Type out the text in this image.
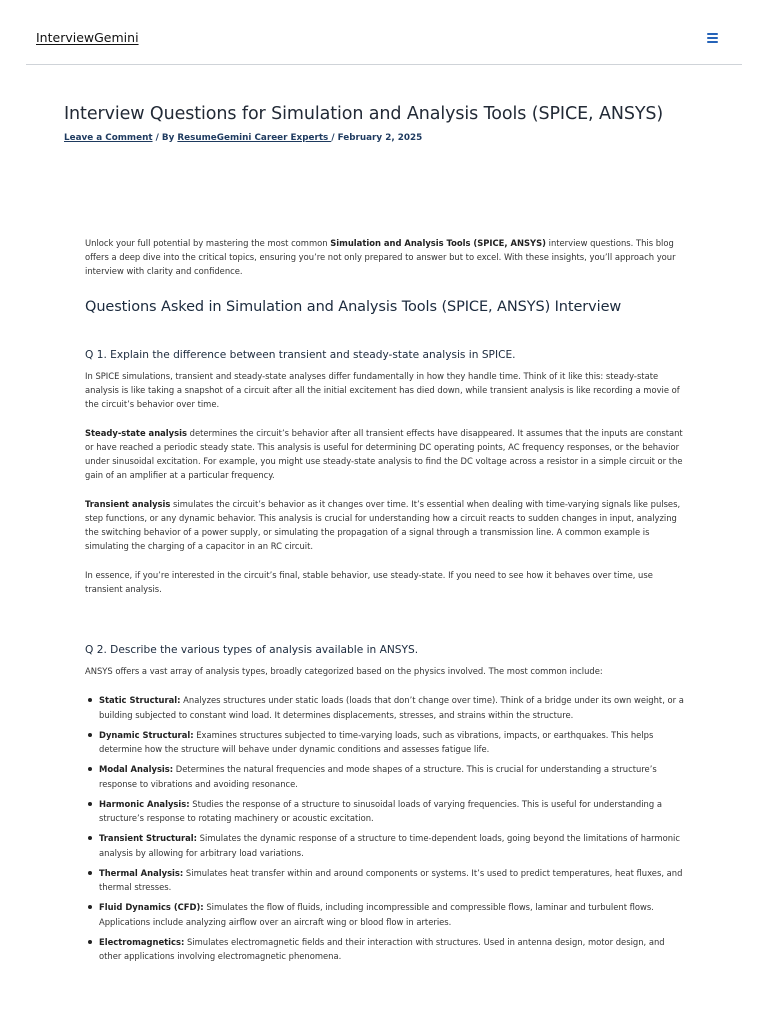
InterviewGemini
Interview Questions for Simulation and Analysis Tools (SPICE, ANSYS)
Leave a Comment / By ResumeGemini Career Experts / February 2, 2025

Unlock your full potential by mastering the most common Simulation and Analysis Tools (SPICE, ANSYS) interview questions. This blog offers a deep dive into the critical topics, ensuring you’re not only prepared to answer but to excel. With these insights, you’ll approach your interview with clarity and confidence.

Questions Asked in Simulation and Analysis Tools (SPICE, ANSYS) Interview
Q 1. Explain the difference between transient and steady-state analysis in SPICE.

In SPICE simulations, transient and steady-state analyses differ fundamentally in how they handle time. Think of it like this: steady-state analysis is like taking a snapshot of a circuit after all the initial excitement has died down, while transient analysis is like recording a movie of the circuit’s behavior over time.

Steady-state analysis determines the circuit’s behavior after all transient effects have disappeared. It assumes that the inputs are constant or have reached a periodic steady state. This analysis is useful for determining DC operating points, AC frequency responses, or the behavior under sinusoidal excitation. For example, you might use steady-state analysis to find the DC voltage across a resistor in a simple circuit or the gain of an amplifier at a particular frequency.

Transient analysis simulates the circuit’s behavior as it changes over time. It’s essential when dealing with time-varying signals like pulses, step functions, or any dynamic behavior. This analysis is crucial for understanding how a circuit reacts to sudden changes in input, analyzing the switching behavior of a power supply, or simulating the propagation of a signal through a transmission line. A common example is simulating the charging of a capacitor in an RC circuit.

In essence, if you’re interested in the circuit’s final, stable behavior, use steady-state. If you need to see how it behaves over time, use transient analysis.

Q 2. Describe the various types of analysis available in ANSYS.

ANSYS offers a vast array of analysis types, broadly categorized based on the physics involved. The most common include:

Static Structural: Analyzes structures under static loads (loads that don’t change over time). Think of a bridge under its own weight, or a building subjected to constant wind load. It determines displacements, stresses, and strains within the structure.
Dynamic Structural: Examines structures subjected to time-varying loads, such as vibrations, impacts, or earthquakes. This helps determine how the structure will behave under dynamic conditions and assesses fatigue life.
Modal Analysis: Determines the natural frequencies and mode shapes of a structure. This is crucial for understanding a structure’s response to vibrations and avoiding resonance.
Harmonic Analysis: Studies the response of a structure to sinusoidal loads of varying frequencies. This is useful for understanding a structure’s response to rotating machinery or acoustic excitation.
Transient Structural: Simulates the dynamic response of a structure to time-dependent loads, going beyond the limitations of harmonic analysis by allowing for arbitrary load variations.
Thermal Analysis: Simulates heat transfer within and around components or systems. It’s used to predict temperatures, heat fluxes, and thermal stresses.
Fluid Dynamics (CFD): Simulates the flow of fluids, including incompressible and compressible flows, laminar and turbulent flows. Applications include analyzing airflow over an aircraft wing or blood flow in arteries.
Electromagnetics: Simulates electromagnetic fields and their interaction with structures. Used in antenna design, motor design, and other applications involving electromagnetic phenomena.
